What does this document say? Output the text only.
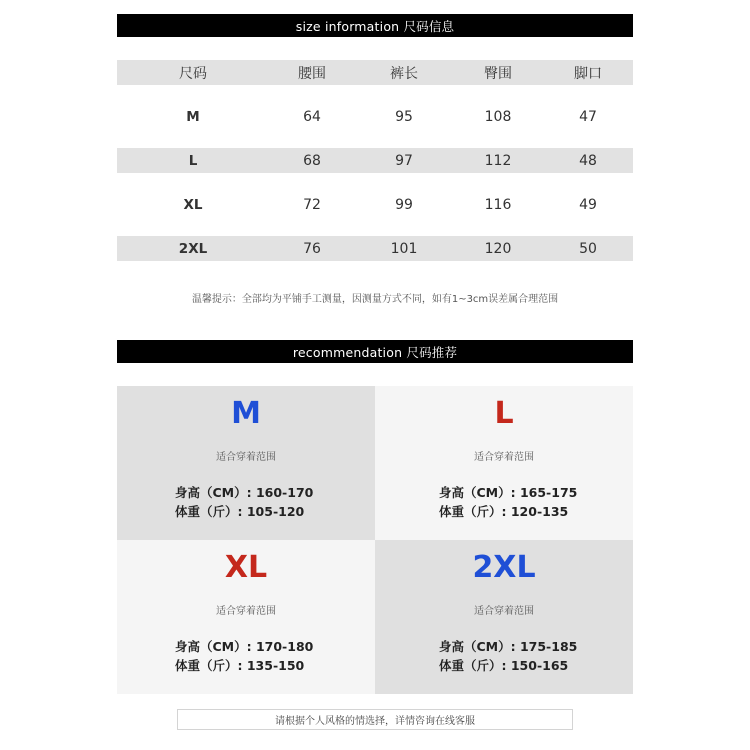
size information 尺码信息
尺码	腰围	裤长	臀围	脚口
M	64	95	108	47
L	68	97	112	48
XL	72	99	116	49
2XL	76	101	120	50
温馨提示：全部均为平铺手工测量，因测量方式不同，如有1~3cm误差属合理范围
recommendation 尺码推荐
M
适合穿着范围
身高（CM）: 160-170
体重（斤）: 105-120
L
适合穿着范围
身高（CM）: 165-175
体重（斤）: 120-135
XL
适合穿着范围
身高（CM）: 170-180
体重（斤）: 135-150
2XL
适合穿着范围
身高（CM）: 175-185
体重（斤）: 150-165
请根据个人风格的情选择，详情咨询在线客服
